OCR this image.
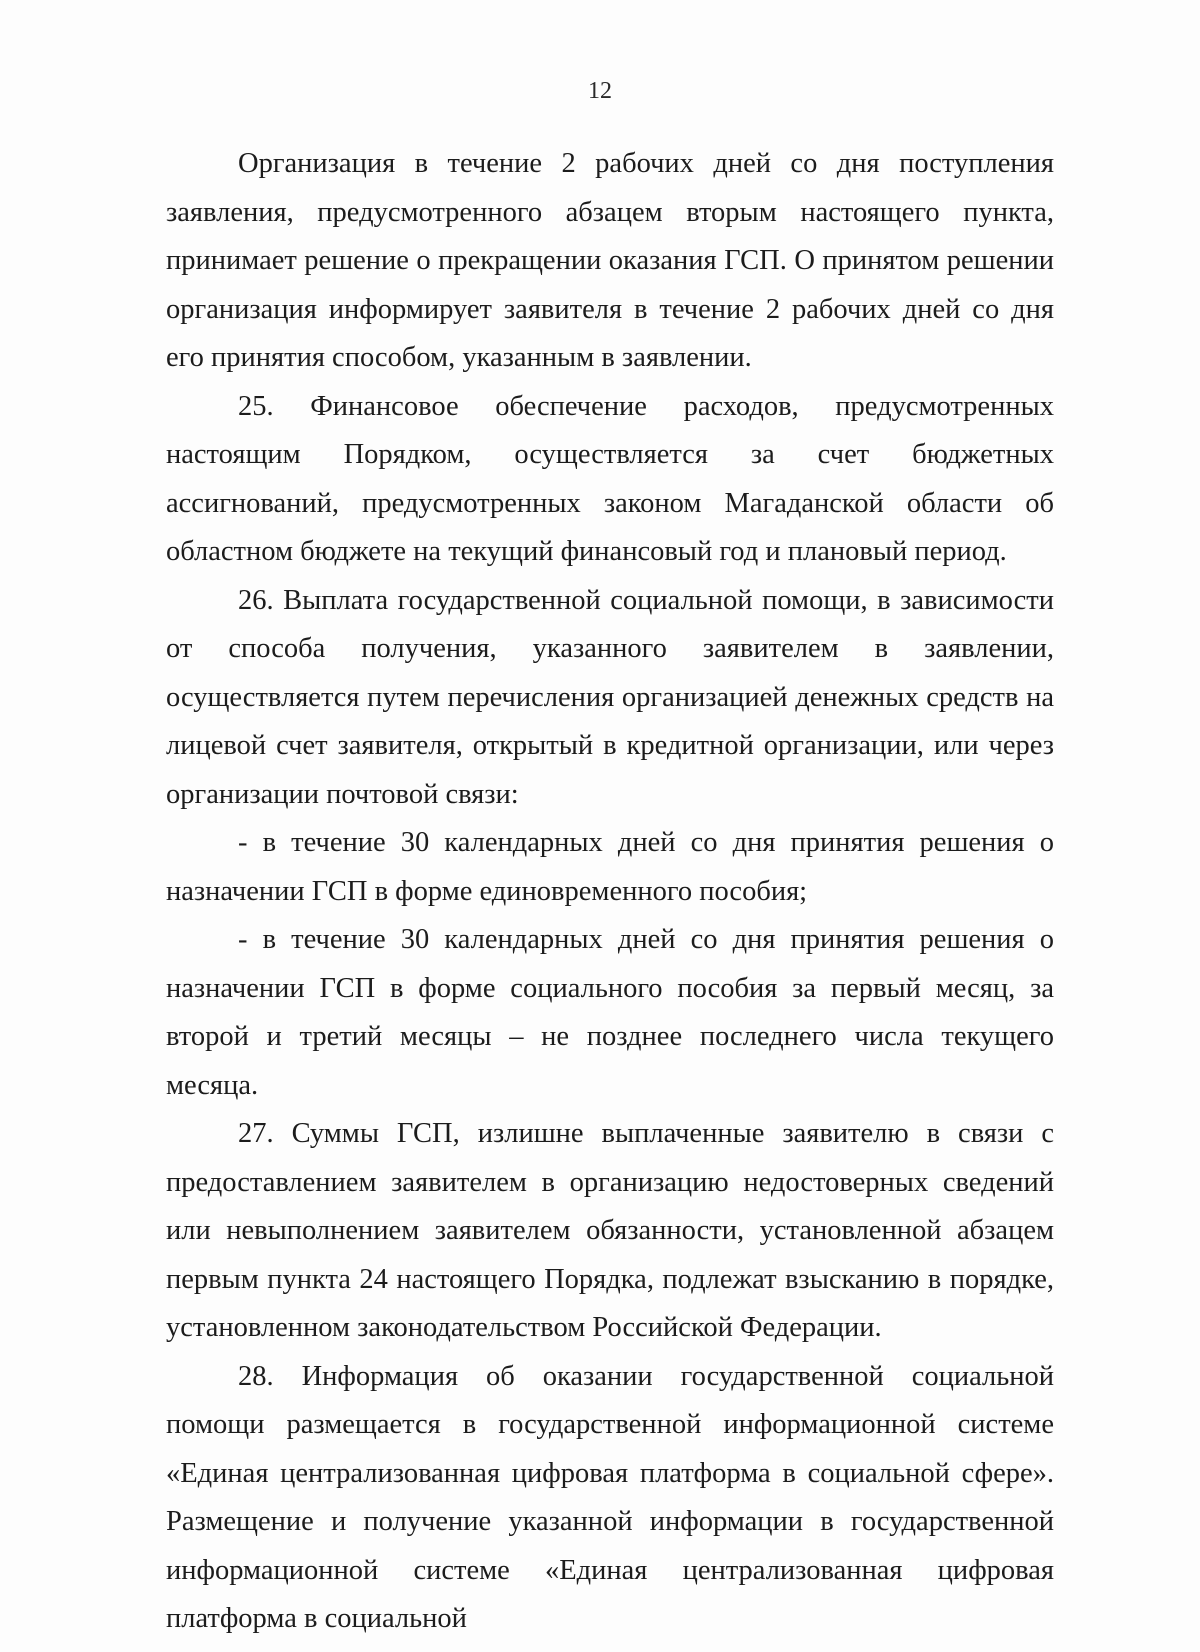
12

Организация в течение 2 рабочих дней со дня поступления заявления, предусмотренного абзацем вторым настоящего пункта, принимает решение о прекращении оказания ГСП. О принятом решении организация информирует заявителя в течение 2 рабочих дней со дня его принятия способом, указанным в заявлении.

25. Финансовое обеспечение расходов, предусмотренных настоящим Порядком, осуществляется за счет бюджетных ассигнований, предусмотренных законом Магаданской области об областном бюджете на текущий финансовый год и плановый период.

26. Выплата государственной социальной помощи, в зависимости от способа получения, указанного заявителем в заявлении, осуществляется путем перечисления организацией денежных средств на лицевой счет заявителя, открытый в кредитной организации, или через организации почтовой связи:

- в течение 30 календарных дней со дня принятия решения о назначении ГСП в форме единовременного пособия;

- в течение 30 календарных дней со дня принятия решения о назначении ГСП в форме социального пособия за первый месяц, за второй и третий месяцы – не позднее последнего числа текущего месяца.

27. Суммы ГСП, излишне выплаченные заявителю в связи с предоставлением заявителем в организацию недостоверных сведений или невыполнением заявителем обязанности, установленной абзацем первым пункта 24 настоящего Порядка, подлежат взысканию в порядке, установленном законодательством Российской Федерации.

28. Информация об оказании государственной социальной помощи размещается в государственной информационной системе «Единая централизованная цифровая платформа в социальной сфере». Размещение и получение указанной информации в государственной информационной системе «Единая централизованная цифровая платформа в социальной
